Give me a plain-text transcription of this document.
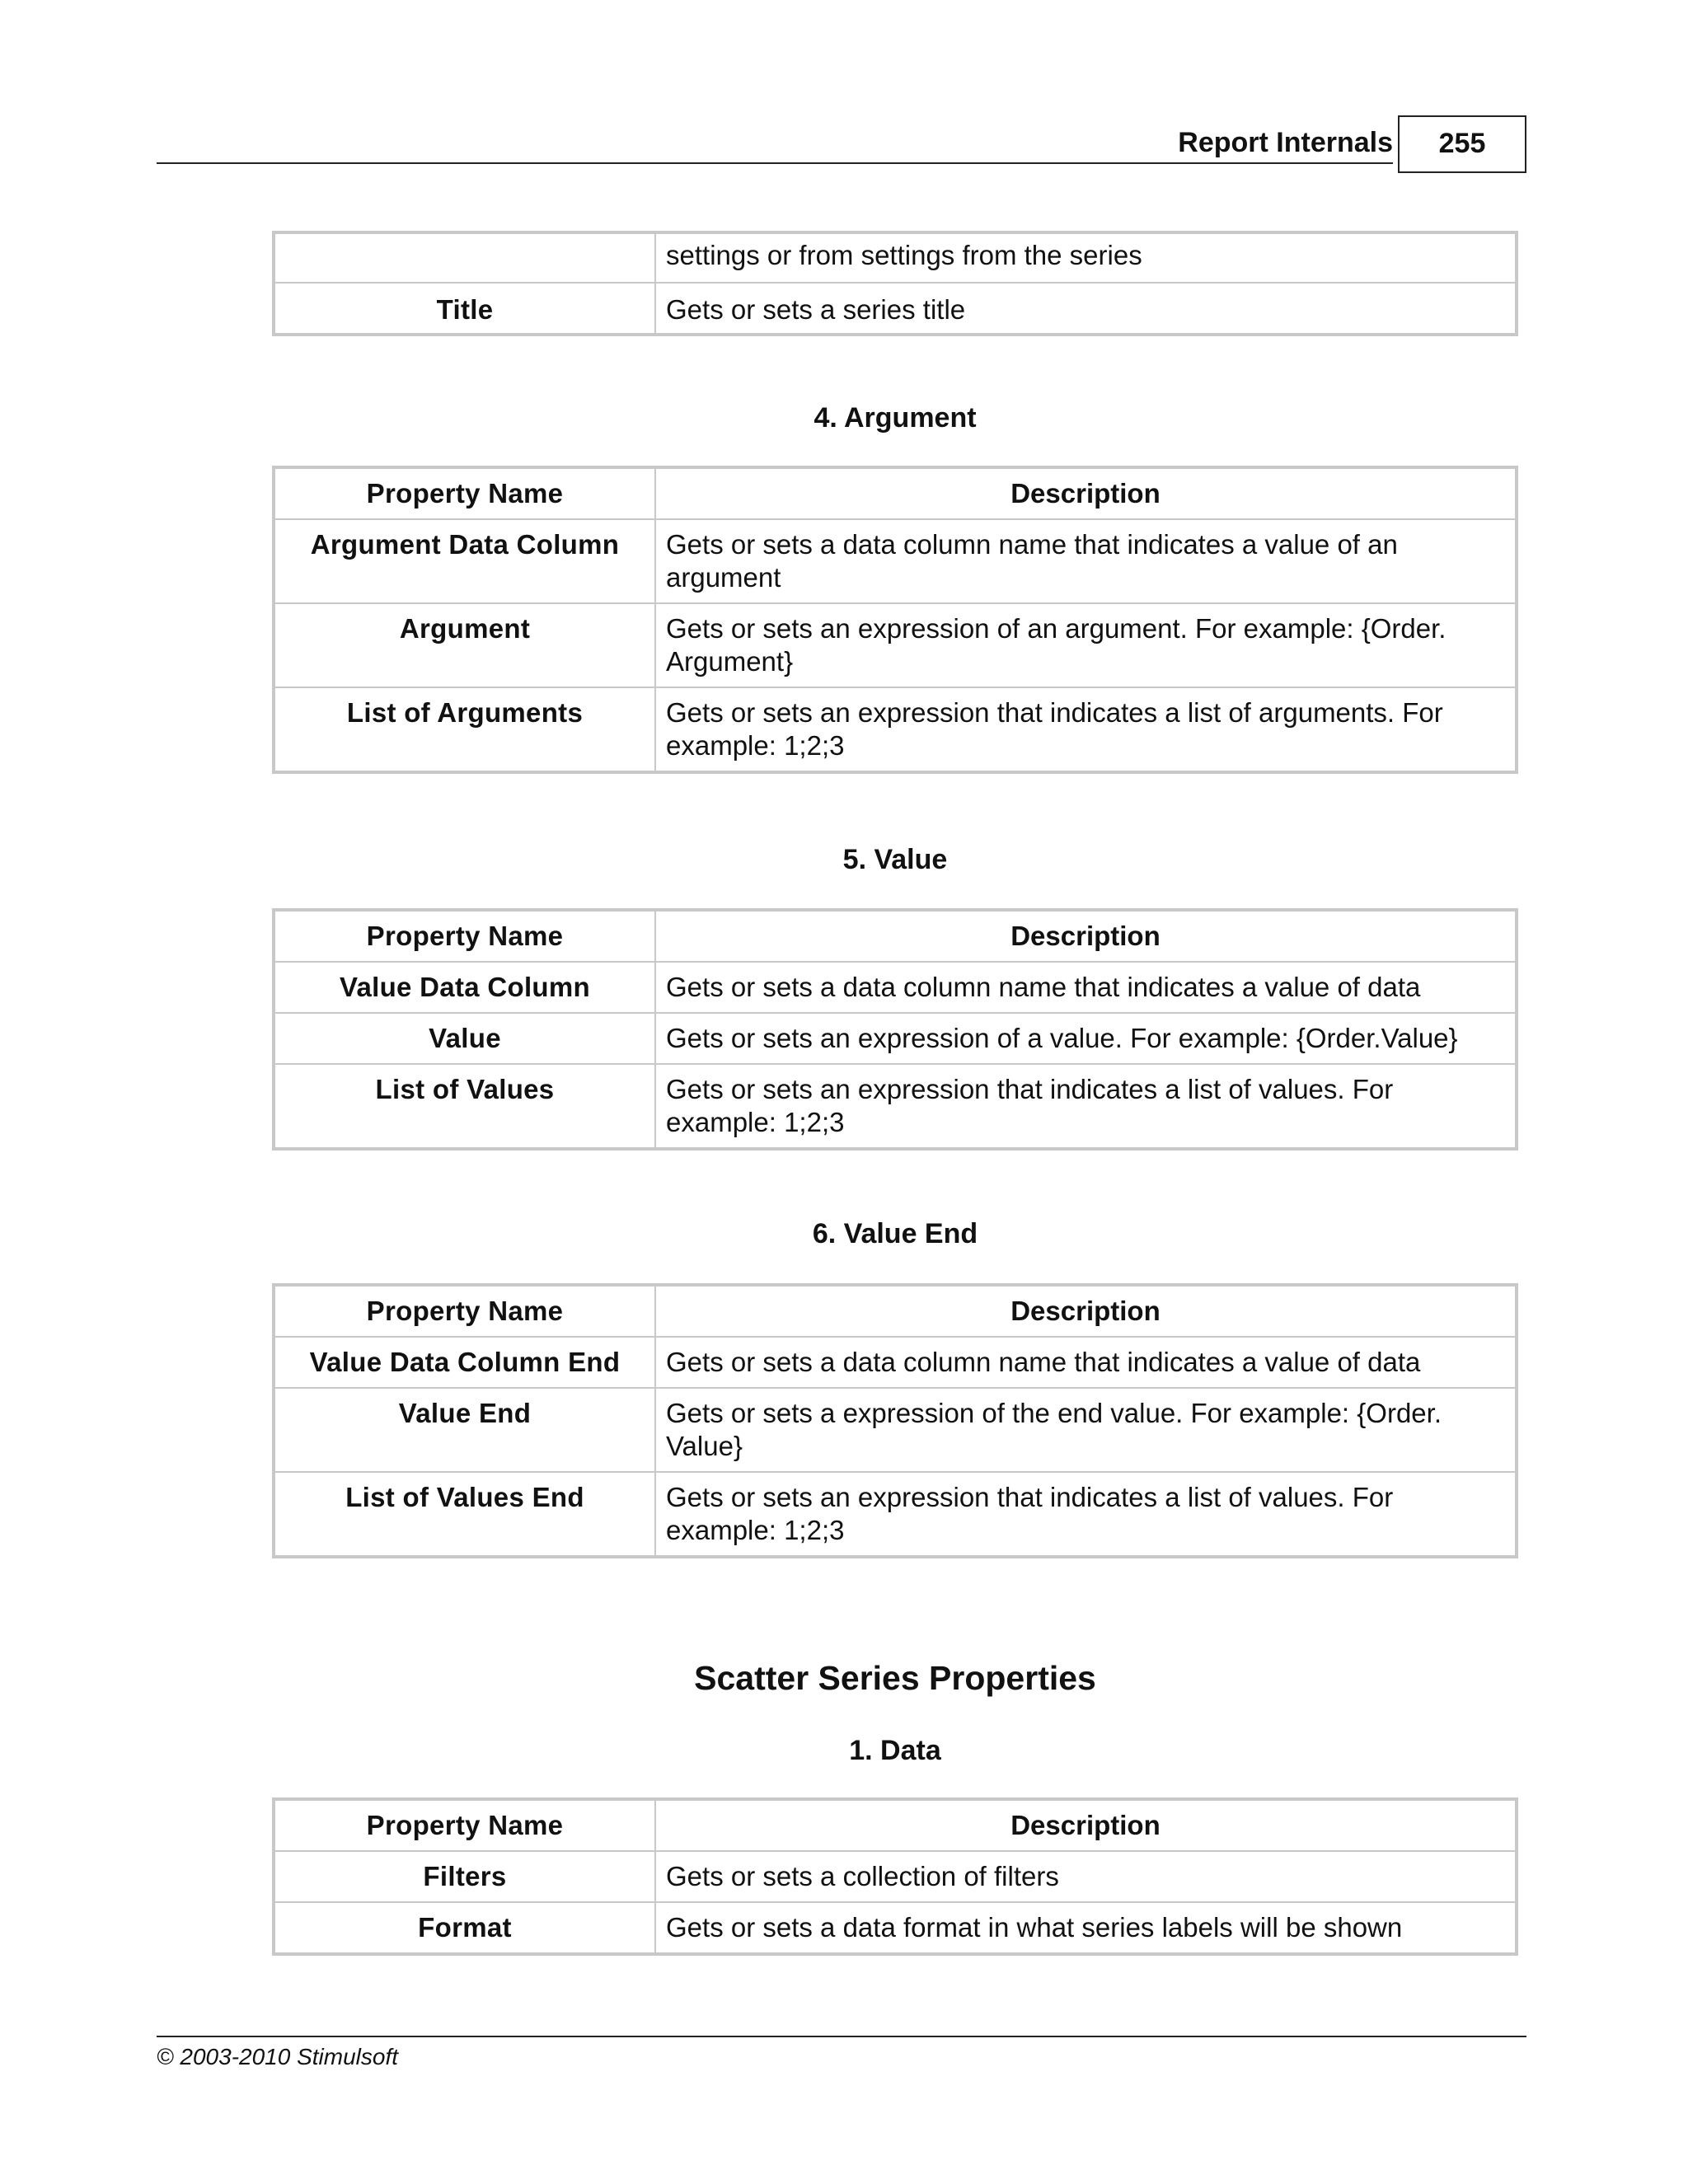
Report Internals	255
	settings or from settings from the series
Title	Gets or sets a series title
4. Argument
Property Name	Description
Argument Data Column	Gets or sets a data column name that indicates a value of an argument
Argument	Gets or sets an expression of an argument. For example: {Order. Argument}
List of Arguments	Gets or sets an expression that indicates a list of arguments. For example: 1;2;3
5. Value
Property Name	Description
Value Data Column	Gets or sets a data column name that indicates a value of data
Value	Gets or sets an expression of a value. For example: {Order.Value}
List of Values	Gets or sets an expression that indicates a list of values. For example: 1;2;3
6. Value End
Property Name	Description
Value Data Column End	Gets or sets a data column name that indicates a value of data
Value End	Gets or sets a expression of the end value. For example: {Order. Value}
List of Values End	Gets or sets an expression that indicates a list of values. For example: 1;2;3
Scatter Series Properties
1. Data
Property Name	Description
Filters	Gets or sets a collection of filters
Format	Gets or sets a data format in what series labels will be shown
© 2003-2010 Stimulsoft
